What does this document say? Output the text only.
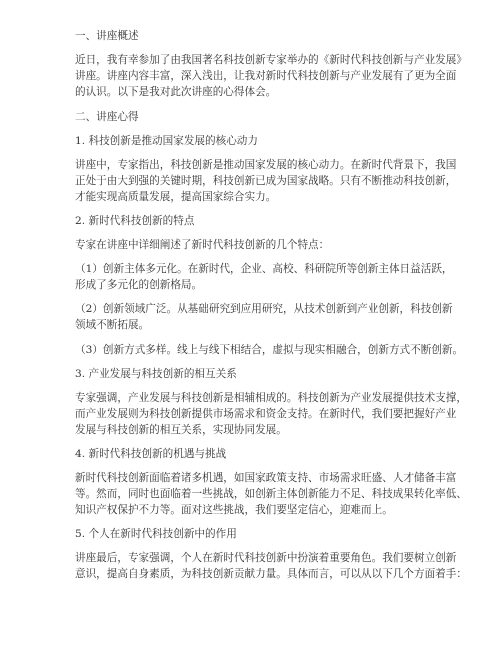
一、讲座概述
近日，我有幸参加了由我国著名科技创新专家举办的《新时代科技创新与产业发展》
讲座。讲座内容丰富，深入浅出，让我对新时代科技创新与产业发展有了更为全面
的认识。以下是我对此次讲座的心得体会。
二、讲座心得
1. 科技创新是推动国家发展的核心动力
讲座中，专家指出，科技创新是推动国家发展的核心动力。在新时代背景下，我国
正处于由大到强的关键时期，科技创新已成为国家战略。只有不断推动科技创新，
才能实现高质量发展，提高国家综合实力。
2. 新时代科技创新的特点
专家在讲座中详细阐述了新时代科技创新的几个特点：
（1）创新主体多元化。在新时代，企业、高校、科研院所等创新主体日益活跃，
形成了多元化的创新格局。
（2）创新领域广泛。从基础研究到应用研究，从技术创新到产业创新，科技创新
领域不断拓展。
（3）创新方式多样。线上与线下相结合，虚拟与现实相融合，创新方式不断创新。
3. 产业发展与科技创新的相互关系
专家强调，产业发展与科技创新是相辅相成的。科技创新为产业发展提供技术支撑，
而产业发展则为科技创新提供市场需求和资金支持。在新时代，我们要把握好产业
发展与科技创新的相互关系，实现协同发展。
4. 新时代科技创新的机遇与挑战
新时代科技创新面临着诸多机遇，如国家政策支持、市场需求旺盛、人才储备丰富
等。然而，同时也面临着一些挑战，如创新主体创新能力不足、科技成果转化率低、
知识产权保护不力等。面对这些挑战，我们要坚定信心，迎难而上。
5. 个人在新时代科技创新中的作用
讲座最后，专家强调，个人在新时代科技创新中扮演着重要角色。我们要树立创新
意识，提高自身素质，为科技创新贡献力量。具体而言，可以从以下几个方面着手：
